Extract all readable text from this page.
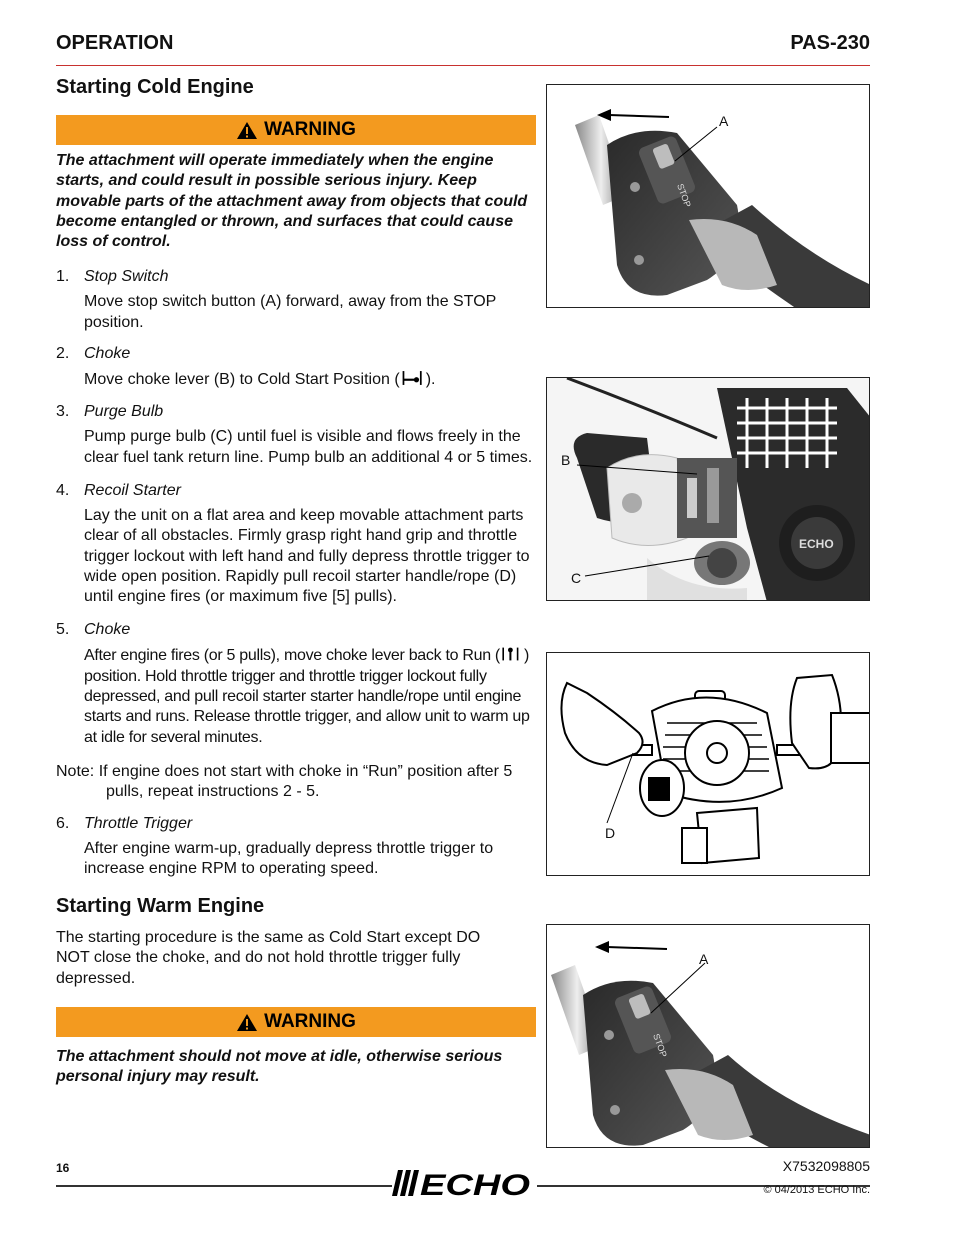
OPERATION	PAS-230
Starting Cold Engine
WARNING
The attachment will operate immediately when the engine starts, and could result in possible serious injury. Keep movable parts of the attachment away from objects that could become entangled or thrown, and surfaces that could cause loss of control.
1. Stop Switch
Move stop switch button (A) forward, away from the STOP position.
2. Choke
Move choke lever (B) to Cold Start Position ( ).
3. Purge Bulb
Pump purge bulb (C) until fuel is visible and flows freely in the clear fuel tank return line. Pump bulb an additional 4 or 5 times.
4. Recoil Starter
Lay the unit on a flat area and keep movable attachment parts clear of all obstacles. Firmly grasp right hand grip and throttle trigger lockout with left hand and fully depress throttle trigger to wide open position. Rapidly pull recoil starter handle/rope (D) until engine fires (or maximum five [5] pulls).
5. Choke
After engine fires (or 5 pulls), move choke lever back to Run ( ) position. Hold throttle trigger and throttle trigger lockout fully depressed, and pull recoil starter starter handle/rope until engine starts and runs. Release throttle trigger, and allow unit to warm up at idle for several minutes.
Note: If engine does not start with choke in “Run” position after 5 pulls, repeat instructions 2 - 5.
6. Throttle Trigger
After engine warm-up, gradually depress throttle trigger to increase engine RPM to operating speed.
Starting Warm Engine
The starting procedure is the same as Cold Start except DO NOT close the choke, and do not hold throttle trigger fully depressed.
WARNING
The attachment should not move at idle, otherwise serious personal injury may result.
STOP
A
ECHO
B
C
D
STOP
A
16
ECHO
X7532098805
© 04/2013 ECHO Inc.
